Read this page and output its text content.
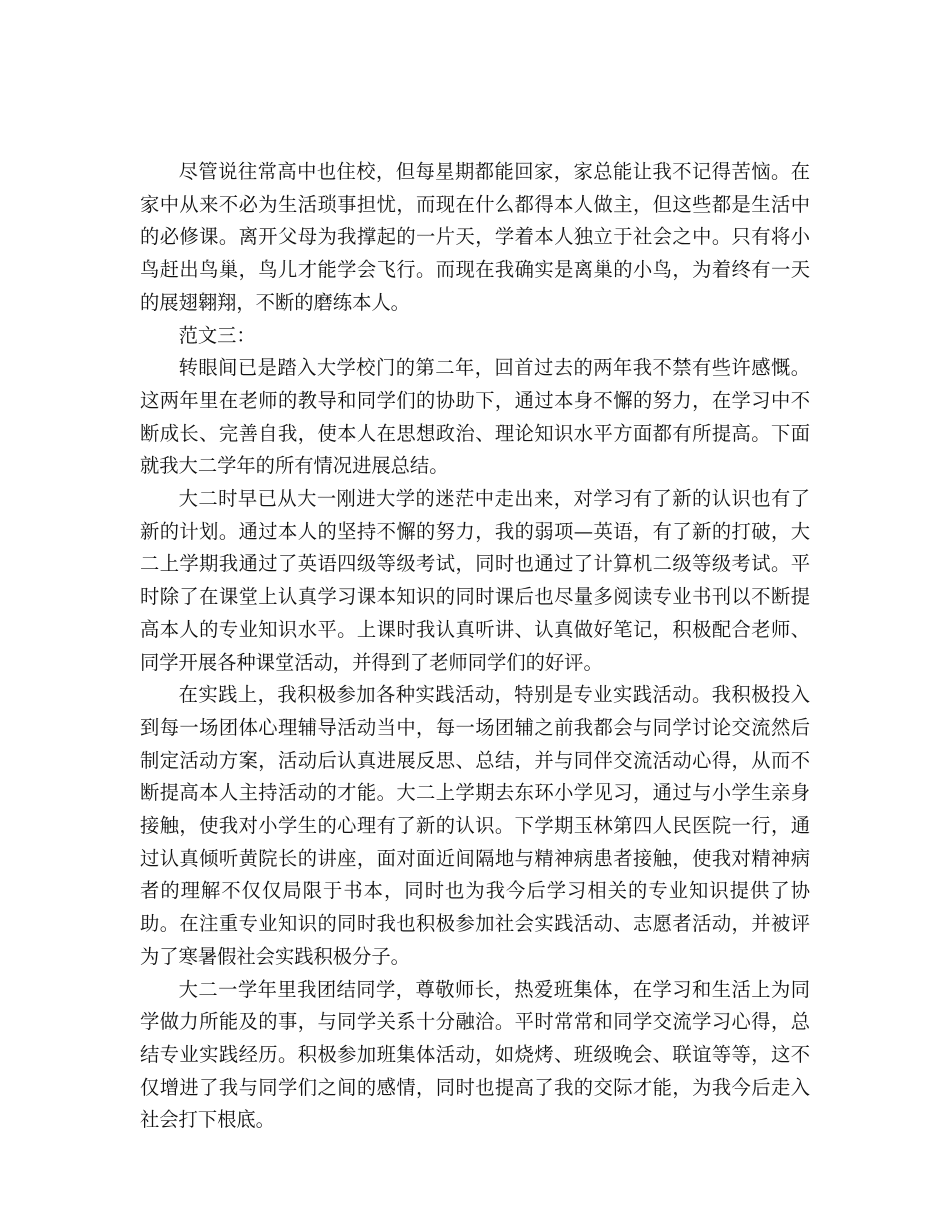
尽管说往常高中也住校，但每星期都能回家，家总能让我不记得苦恼。在家中从来不必为生活琐事担忧，而现在什么都得本人做主，但这些都是生活中的必修课。离开父母为我撑起的一片天，学着本人独立于社会之中。只有将小鸟赶出鸟巢，鸟儿才能学会飞行。而现在我确实是离巢的小鸟，为着终有一天的展翅翱翔，不断的磨练本人。

范文三：

转眼间已是踏入大学校门的第二年，回首过去的两年我不禁有些许感慨。这两年里在老师的教导和同学们的协助下，通过本身不懈的努力，在学习中不断成长、完善自我，使本人在思想政治、理论知识水平方面都有所提高。下面就我大二学年的所有情况进展总结。

大二时早已从大一刚进大学的迷茫中走出来，对学习有了新的认识也有了新的计划。通过本人的坚持不懈的努力，我的弱项—英语，有了新的打破，大二上学期我通过了英语四级等级考试，同时也通过了计算机二级等级考试。平时除了在课堂上认真学习课本知识的同时课后也尽量多阅读专业书刊以不断提高本人的专业知识水平。上课时我认真听讲、认真做好笔记，积极配合老师、同学开展各种课堂活动，并得到了老师同学们的好评。

在实践上，我积极参加各种实践活动，特别是专业实践活动。我积极投入到每一场团体心理辅导活动当中，每一场团辅之前我都会与同学讨论交流然后制定活动方案，活动后认真进展反思、总结，并与同伴交流活动心得，从而不断提高本人主持活动的才能。大二上学期去东环小学见习，通过与小学生亲身接触，使我对小学生的心理有了新的认识。下学期玉林第四人民医院一行，通过认真倾听黄院长的讲座，面对面近间隔地与精神病患者接触，使我对精神病者的理解不仅仅局限于书本，同时也为我今后学习相关的专业知识提供了协助。在注重专业知识的同时我也积极参加社会实践活动、志愿者活动，并被评为了寒暑假社会实践积极分子。

大二一学年里我团结同学，尊敬师长，热爱班集体，在学习和生活上为同学做力所能及的事，与同学关系十分融洽。平时常常和同学交流学习心得，总结专业实践经历。积极参加班集体活动，如烧烤、班级晚会、联谊等等，这不仅增进了我与同学们之间的感情，同时也提高了我的交际才能，为我今后走入社会打下根底。
